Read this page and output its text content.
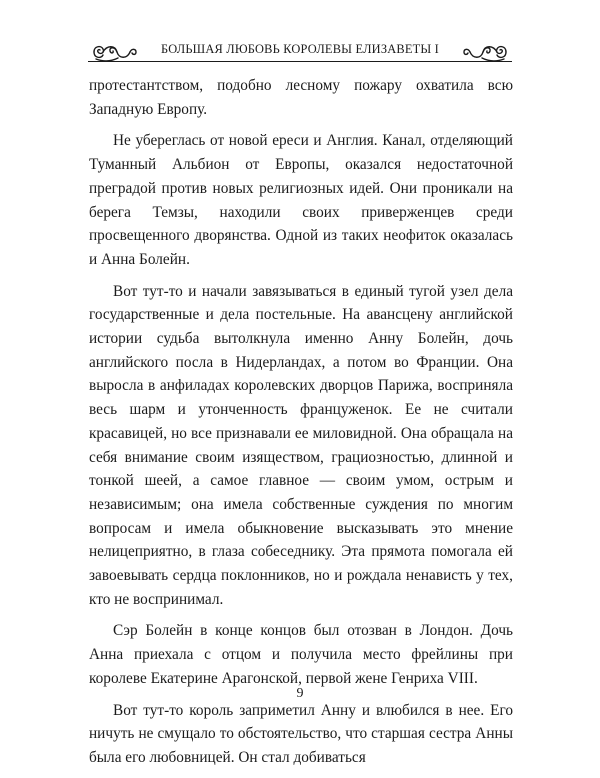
БОЛЬШАЯ ЛЮБОВЬ КОРОЛЕВЫ ЕЛИЗАВЕТЫ I

протестантством, подобно лесному пожару охватила всю Западную Европу.

Не убереглась от новой ереси и Англия. Канал, отделяющий Туманный Альбион от Европы, оказался недостаточной преградой против новых религиозных идей. Они проникали на берега Темзы, находили своих приверженцев среди просвещенного дворянства. Одной из таких неофиток оказалась и Анна Болейн.

Вот тут-то и начали завязываться в единый тугой узел дела государственные и дела постельные. На авансцену английской истории судьба вытолкнула именно Анну Болейн, дочь английского посла в Нидерландах, а потом во Франции. Она выросла в анфиладах королевских дворцов Парижа, восприняла весь шарм и утонченность француженок. Ее не считали красавицей, но все признавали ее миловидной. Она обращала на себя внимание своим изяществом, грациозностью, длинной и тонкой шеей, а самое главное — своим умом, острым и независимым; она имела собственные суждения по многим вопросам и имела обыкновение высказывать это мнение нелицеприятно, в глаза собеседнику. Эта прямота помогала ей завоевывать сердца поклонников, но и рождала ненависть у тех, кто не воспринимал.

Сэр Болейн в конце концов был отозван в Лондон. Дочь Анна приехала с отцом и получила место фрейлины при королеве Екатерине Арагонской, первой жене Генриха VIII.

Вот тут-то король заприметил Анну и влюбился в нее. Его ничуть не смущало то обстоятельство, что старшая сестра Анны была его любовницей. Он стал добиваться

9
